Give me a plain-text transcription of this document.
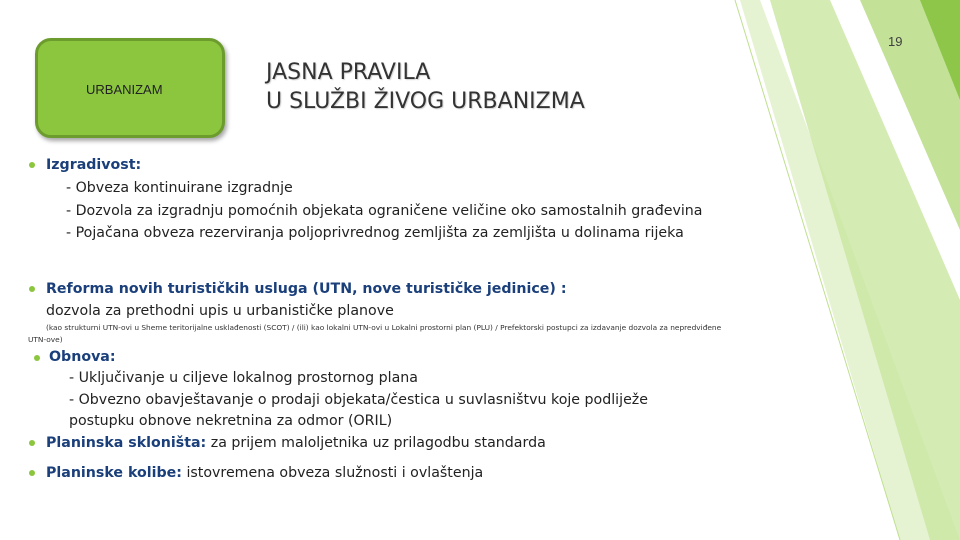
19
URBANIZAM
JASNA PRAVILA
U SLUŽBI ŽIVOG URBANIZMA
Izgradivost:
- Obveza kontinuirane izgradnje
- Dozvola za izgradnju pomoćnih objekata ograničene veličine oko samostalnih građevina
- Pojačana obveza rezerviranja poljoprivrednog zemljišta za zemljišta u dolinama rijeka
Reforma novih turističkih usluga (UTN, nove turističke jedinice) :
dozvola za prethodni upis u urbanističke planove
(kao strukturni UTN-ovi u Sheme teritorijalne usklađenosti (SCOT) / (ili) kao lokalni UTN-ovi u Lokalni prostorni plan (PLU) / Prefektorski postupci za izdavanje dozvola za nepredviđene
UTN-ove)
Obnova:
- Uključivanje u ciljeve lokalnog prostornog plana
- Obvezno obavještavanje o prodaji objekata/čestica u suvlasništvu koje podliježe
postupku obnove nekretnina za odmor (ORIL)
Planinska skloništa: za prijem maloljetnika uz prilagodbu standarda
Planinske kolibe: istovremena obveza služnosti i ovlaštenja
